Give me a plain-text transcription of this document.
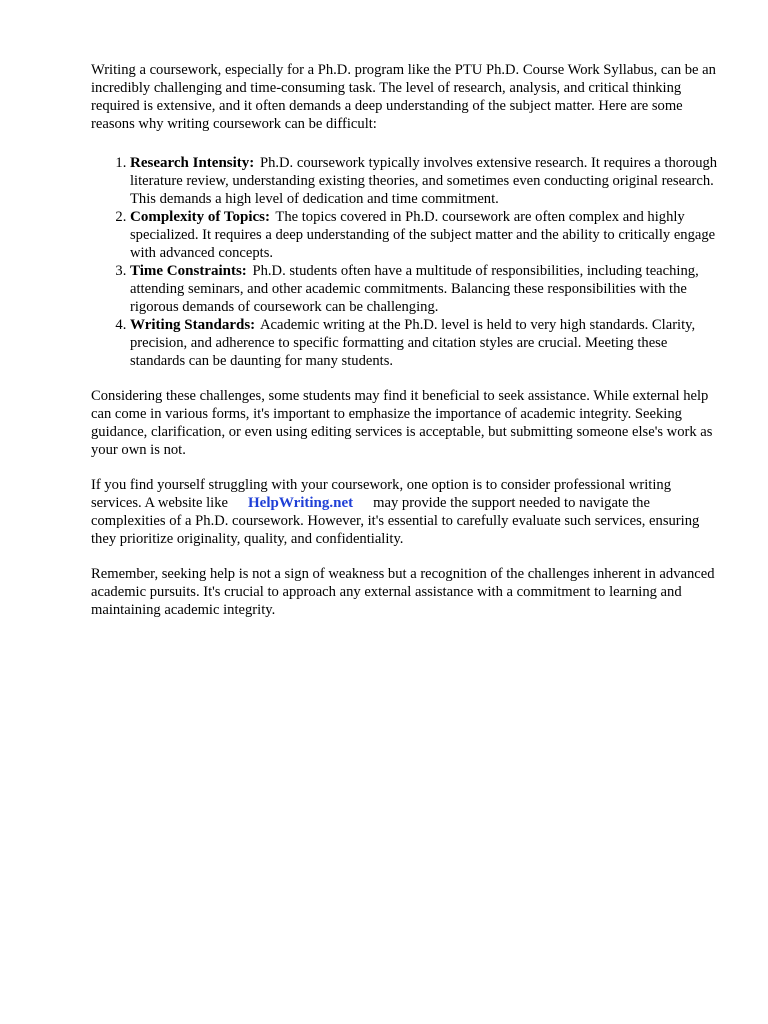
Writing a coursework, especially for a Ph.D. program like the PTU Ph.D. Course Work Syllabus, can be an incredibly challenging and time-consuming task. The level of research, analysis, and critical thinking required is extensive, and it often demands a deep understanding of the subject matter. Here are some reasons why writing coursework can be difficult:

1. Research Intensity: Ph.D. coursework typically involves extensive research. It requires a thorough literature review, understanding existing theories, and sometimes even conducting original research. This demands a high level of dedication and time commitment.
2. Complexity of Topics: The topics covered in Ph.D. coursework are often complex and highly specialized. It requires a deep understanding of the subject matter and the ability to critically engage with advanced concepts.
3. Time Constraints: Ph.D. students often have a multitude of responsibilities, including teaching, attending seminars, and other academic commitments. Balancing these responsibilities with the rigorous demands of coursework can be challenging.
4. Writing Standards: Academic writing at the Ph.D. level is held to very high standards. Clarity, precision, and adherence to specific formatting and citation styles are crucial. Meeting these standards can be daunting for many students.

Considering these challenges, some students may find it beneficial to seek assistance. While external help can come in various forms, it's important to emphasize the importance of academic integrity. Seeking guidance, clarification, or even using editing services is acceptable, but submitting someone else's work as your own is not.

If you find yourself struggling with your coursework, one option is to consider professional writing services. A website like HelpWriting.net may provide the support needed to navigate the complexities of a Ph.D. coursework. However, it's essential to carefully evaluate such services, ensuring they prioritize originality, quality, and confidentiality.

Remember, seeking help is not a sign of weakness but a recognition of the challenges inherent in advanced academic pursuits. It's crucial to approach any external assistance with a commitment to learning and maintaining academic integrity.
